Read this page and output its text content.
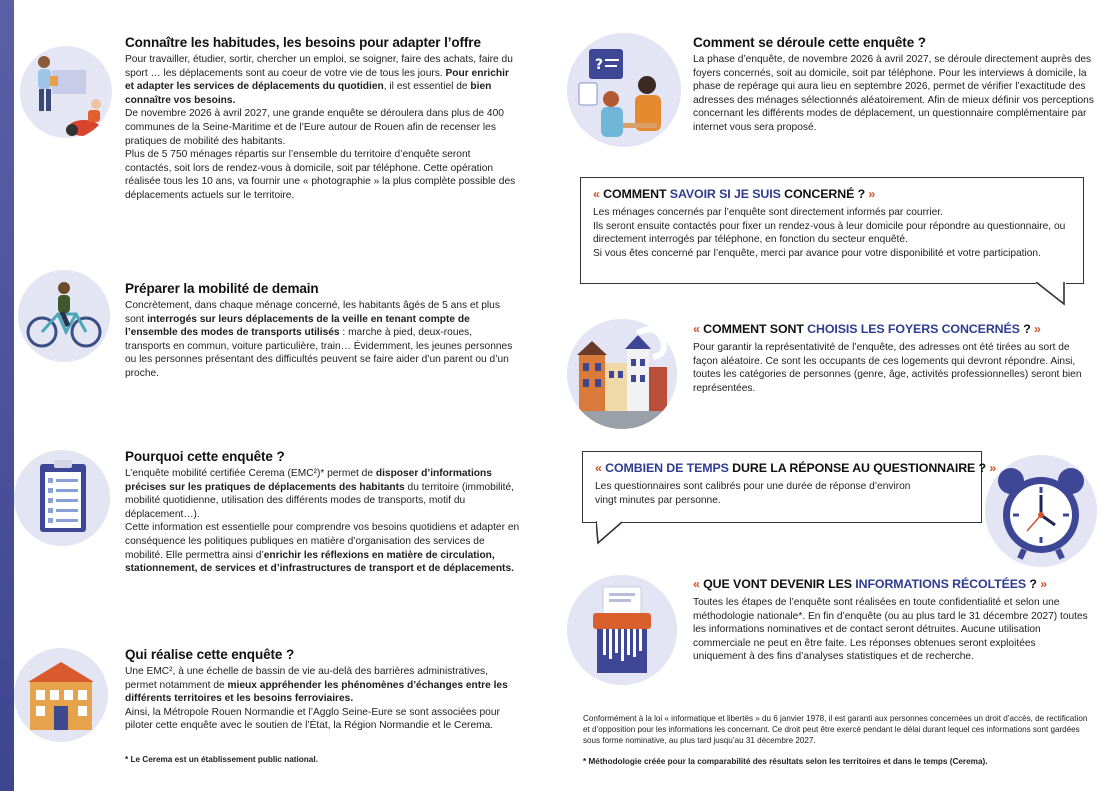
Connaître les habitudes, les besoins pour adapter l’offre

Pour travailler, étudier, sortir, chercher un emploi, se soigner, faire des achats, faire du sport … les déplacements sont au coeur de votre vie de tous les jours. Pour enrichir et adapter les services de déplacements du quotidien, il est essentiel de bien connaître vos besoins.

De novembre 2026 à avril 2027, une grande enquête se déroulera dans plus de 400 communes de la Seine-Maritime et de l’Eure autour de Rouen afin de recenser les pratiques de mobilité des habitants.

Plus de 5 750 ménages répartis sur l’ensemble du territoire d’enquête seront contactés, soit lors de rendez-vous à domicile, soit par téléphone. Cette opération réalisée tous les 10 ans, va fournir une « photographie » la plus complète possible des déplacements actuels sur le territoire.

Préparer la mobilité de demain

Concrètement, dans chaque ménage concerné, les habitants âgés de 5 ans et plus sont interrogés sur leurs déplacements de la veille en tenant compte de l’ensemble des modes de transports utilisés : marche à pied, deux-roues, transports en commun, voiture particulière, train… Évidemment, les jeunes personnes ou les personnes présentant des difficultés peuvent se faire aider d’un parent ou d’un proche.

Pourquoi cette enquête ?

L’enquête mobilité certifiée Cerema (EMC²)* permet de disposer d’informations précises sur les pratiques de déplacements des habitants du territoire (immobilité, mobilité quotidienne, utilisation des différents modes de transports, motif du déplacement…).

Cette information est essentielle pour comprendre vos besoins quotidiens et adapter en conséquence les politiques publiques en matière d’organisation des services de mobilité. Elle permettra ainsi d’enrichir les réflexions en matière de circulation, stationnement, de services et d’infrastructures de transport et de déplacements.

Qui réalise cette enquête ?

Une EMC², à une échelle de bassin de vie au-delà des barrières administratives, permet notamment de mieux appréhender les phénomènes d’échanges entre les différents territoires et les besoins ferroviaires.

Ainsi, la Métropole Rouen Normandie et l’Agglo Seine-Eure se sont associées pour piloter cette enquête avec le soutien de l’État, la Région Normandie et le Cerema.

* Le Cerema est un établissement public national.

?

Comment se déroule cette enquête ?

La phase d’enquête, de novembre 2026 à avril 2027, se déroule directement auprès des foyers concernés, soit au domicile, soit par téléphone. Pour les interviews à domicile, la phase de repérage qui aura lieu en septembre 2026, permet de vérifier l’exactitude des adresses des ménages sélectionnés aléatoirement. Afin de mieux définir vos perceptions concernant les différents modes de déplacement, un questionnaire complémentaire par internet vous sera proposé.

« COMMENT SAVOIR SI JE SUIS CONCERNÉ ? »

Les ménages concernés par l’enquête sont directement informés par courrier.

Ils seront ensuite contactés pour fixer un rendez-vous à leur domicile pour répondre au questionnaire, ou directement interrogés par téléphone, en fonction du secteur enquêté.

Si vous êtes concerné par l’enquête, merci par avance pour votre disponibilité et votre participation.

« COMMENT SONT CHOISIS LES FOYERS CONCERNÉS ? »

Pour garantir la représentativité de l’enquête, des adresses ont été tirées au sort de façon aléatoire. Ce sont les occupants de ces logements qui devront répondre. Ainsi, toutes les catégories de personnes (genre, âge, activités professionnelles) seront bien représentées.

« COMBIEN DE TEMPS DURE LA RÉPONSE AU QUESTIONNAIRE ? »

Les questionnaires sont calibrés pour une durée de réponse d’environ vingt minutes par personne.

« QUE VONT DEVENIR LES INFORMATIONS RÉCOLTÉES ? »

Toutes les étapes de l’enquête sont réalisées en toute confidentialité et selon une méthodologie nationale*. En fin d’enquête (ou au plus tard le 31 décembre 2027) toutes les informations nominatives et de contact seront détruites. Aucune utilisation commerciale ne peut en être faite. Les réponses obtenues seront exploitées uniquement à des fins d’analyses statistiques et de recherche.

Conformément à la loi « informatique et libertés » du 6 janvier 1978, il est garanti aux personnes concernées un droit d’accès, de rectification et d’opposition pour les informations les concernant. Ce droit peut être exercé pendant le délai durant lequel ces informations sont gardées sous forme nominative, au plus tard jusqu’au 31 décembre 2027.

* Méthodologie créée pour la comparabilité des résultats selon les territoires et dans le temps (Cerema).
